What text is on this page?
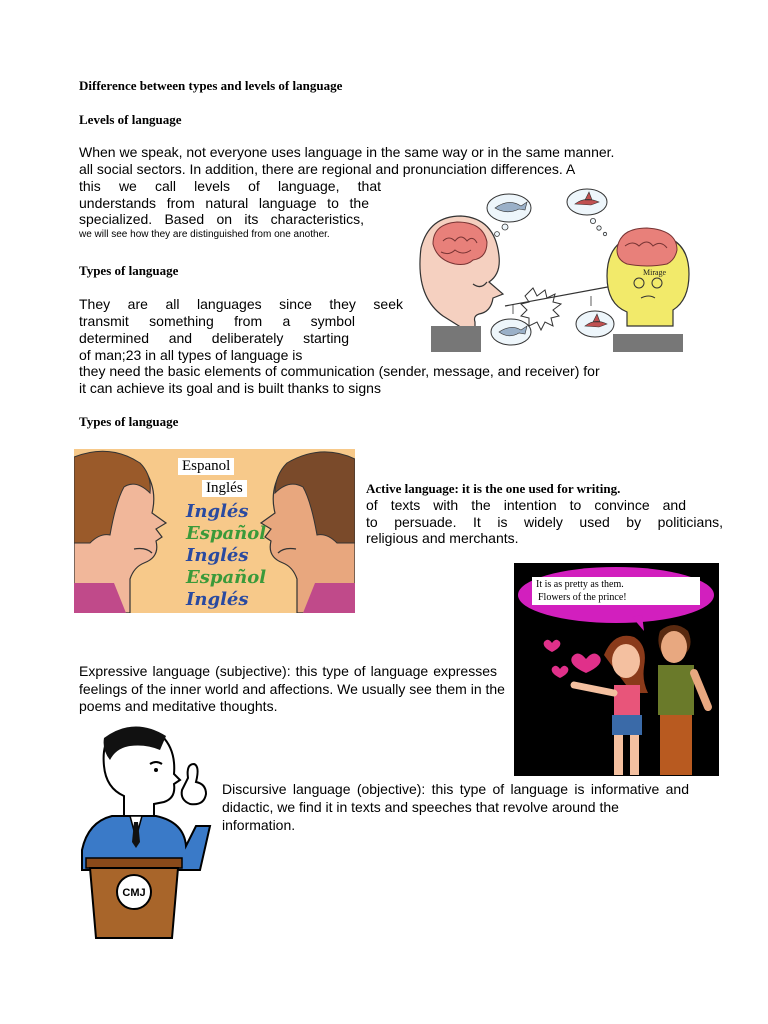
Difference between types and levels of language
Levels of language
When we speak, not everyone uses language in the same way or in the same manner.
all social sectors. In addition, there are regional and pronunciation differences. A
this we call levels of language, that
understands from natural language to the
specialized. Based on its characteristics,
we will see how they are distinguished from one another.
Types of language
They are all languages since they seek
transmit something from a symbol
determined and deliberately starting
of man;23 in all types of language is
they need the basic elements of communication (sender, message, and receiver) for
it can achieve its goal and is built thanks to signs
Mirage
Types of language
Espanol
Inglés
Inglés
Español
Inglés
Español
Inglés
Active language: it is the one used for writing.
of texts with the intention to convince and
to persuade. It is widely used by politicians,
religious and merchants.
It is as pretty as them.
Flowers of the prince!
Expressive language (subjective): this type of language expresses
feelings of the inner world and affections. We usually see them in the
poems and meditative thoughts.
CMJ
Discursive language (objective): this type of language is informative and
didactic, we find it in texts and speeches that revolve around the
information.
